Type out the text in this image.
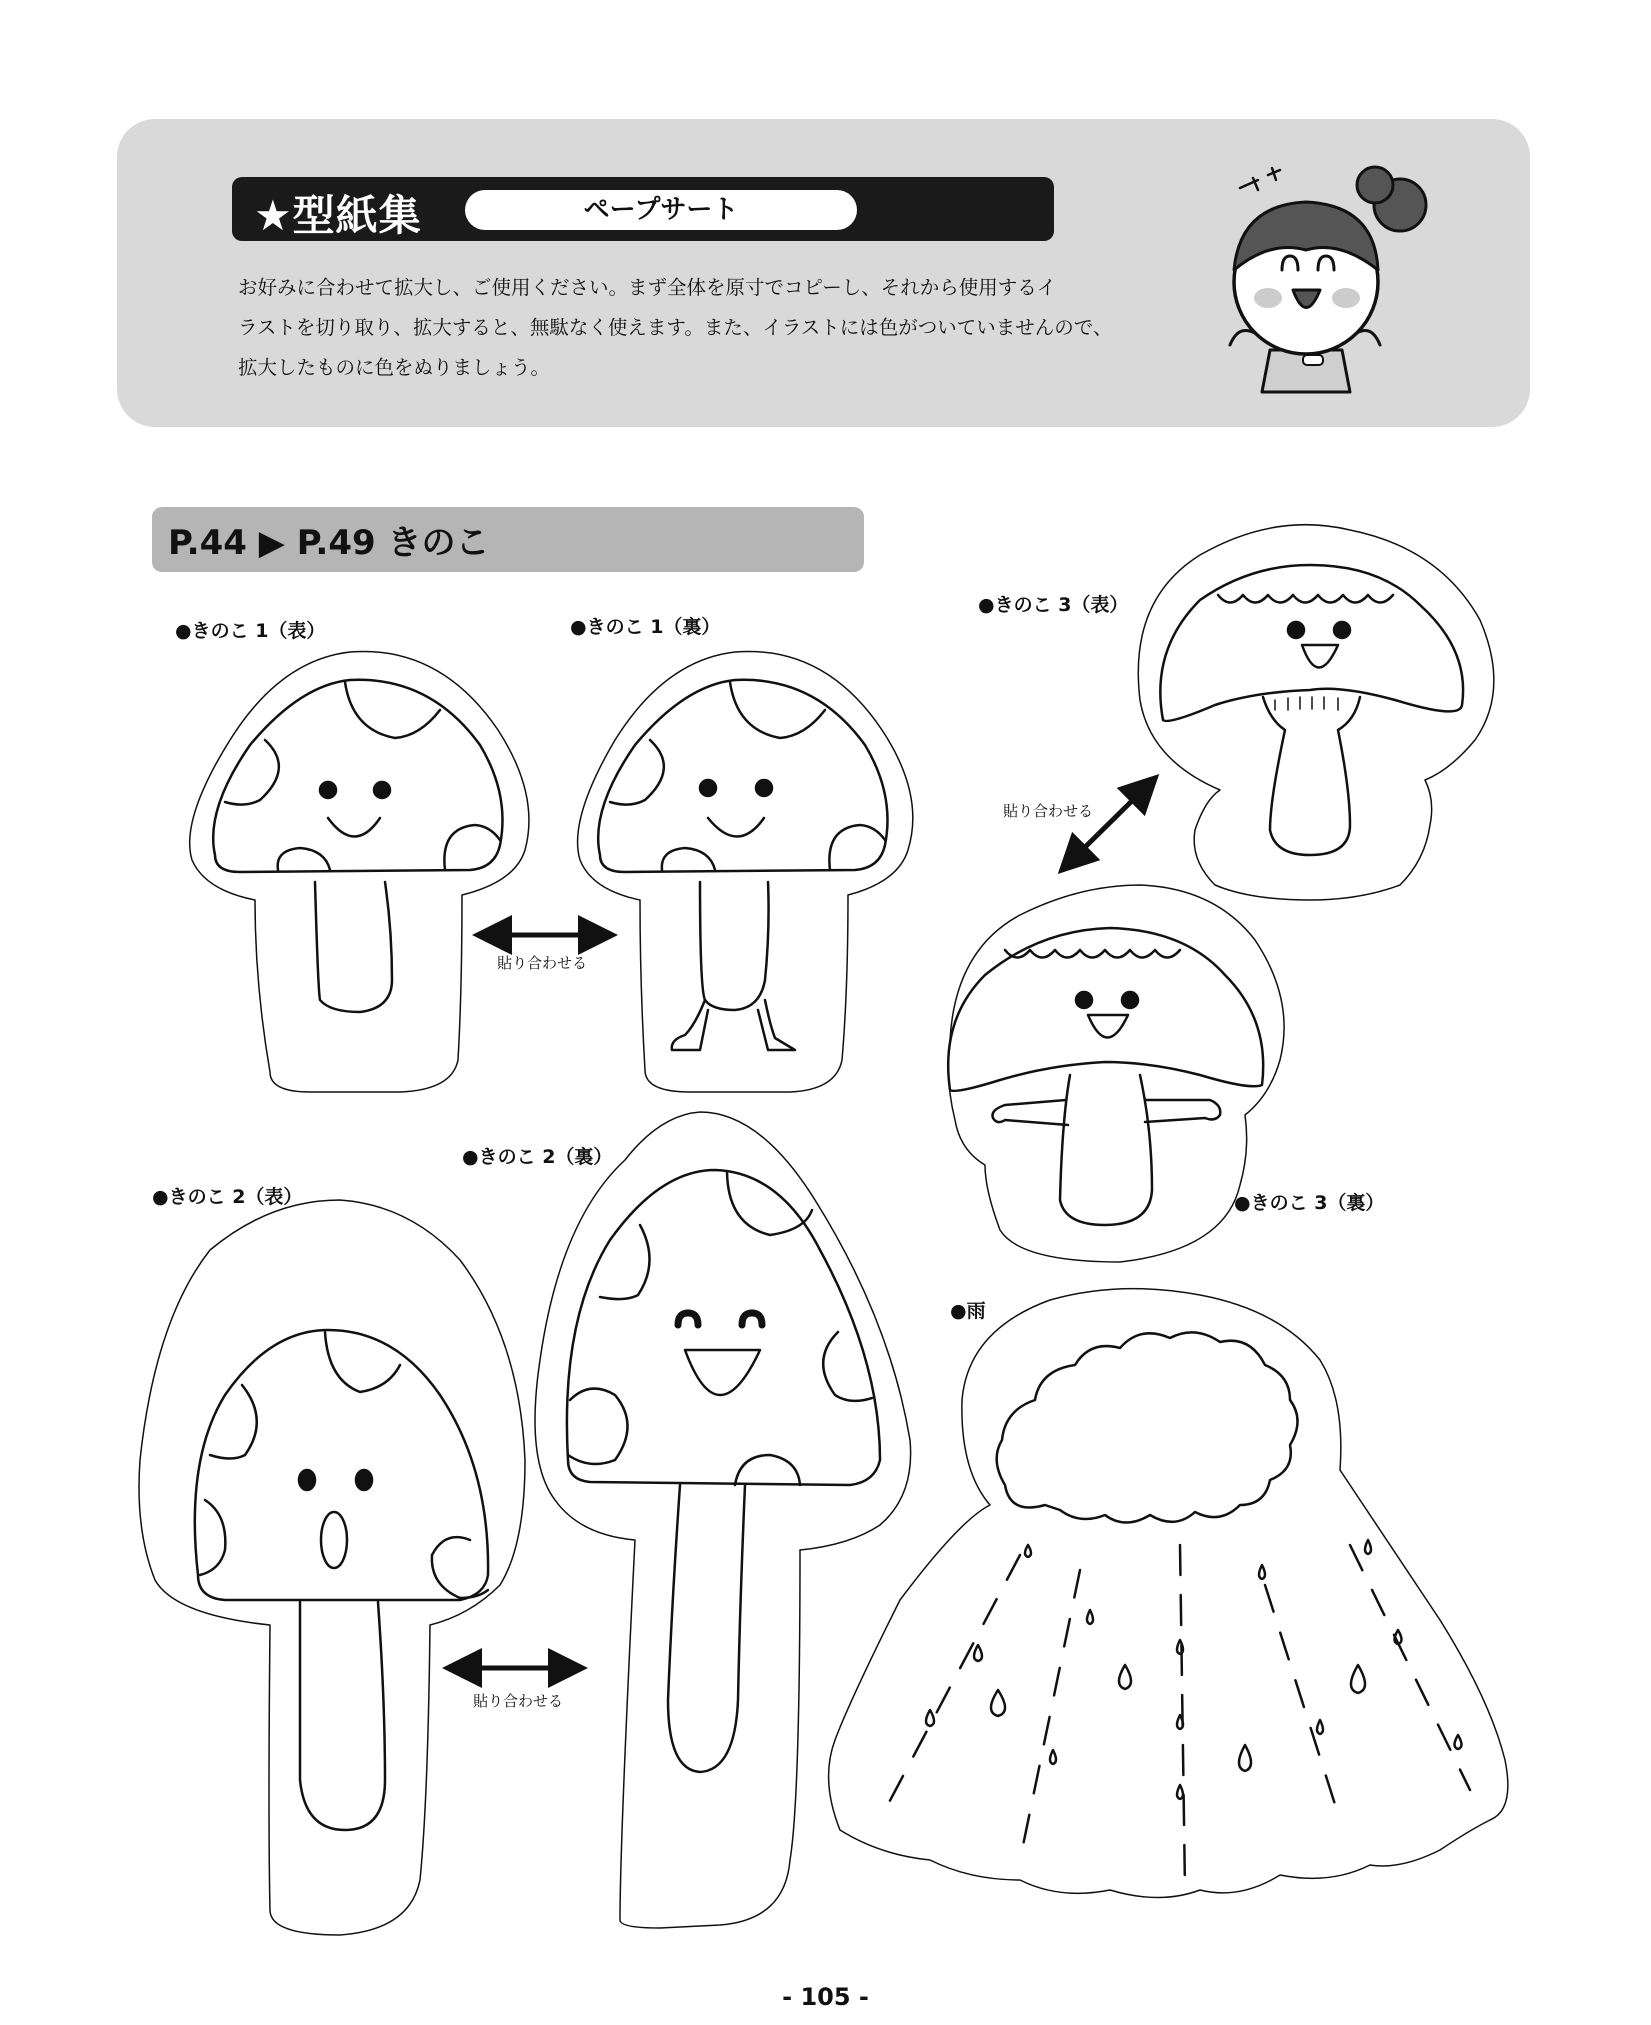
★型紙集	ペープサート
お好みに合わせて拡大し、ご使用ください。まず全体を原寸でコピーし、それから使用するイ
ラストを切り取り、拡大すると、無駄なく使えます。また、イラストには色がついていませんので、
拡大したものに色をぬりましょう。
P.44 ▶ P.49 きのこ
●きのこ 1（表）	●きのこ 1（裏）
●きのこ 3（表）
●きのこ 3（裏）
●きのこ 2（裏）
●きのこ 2（表）
●雨
貼り合わせる
貼り合わせる
貼り合わせる
- 105 -
